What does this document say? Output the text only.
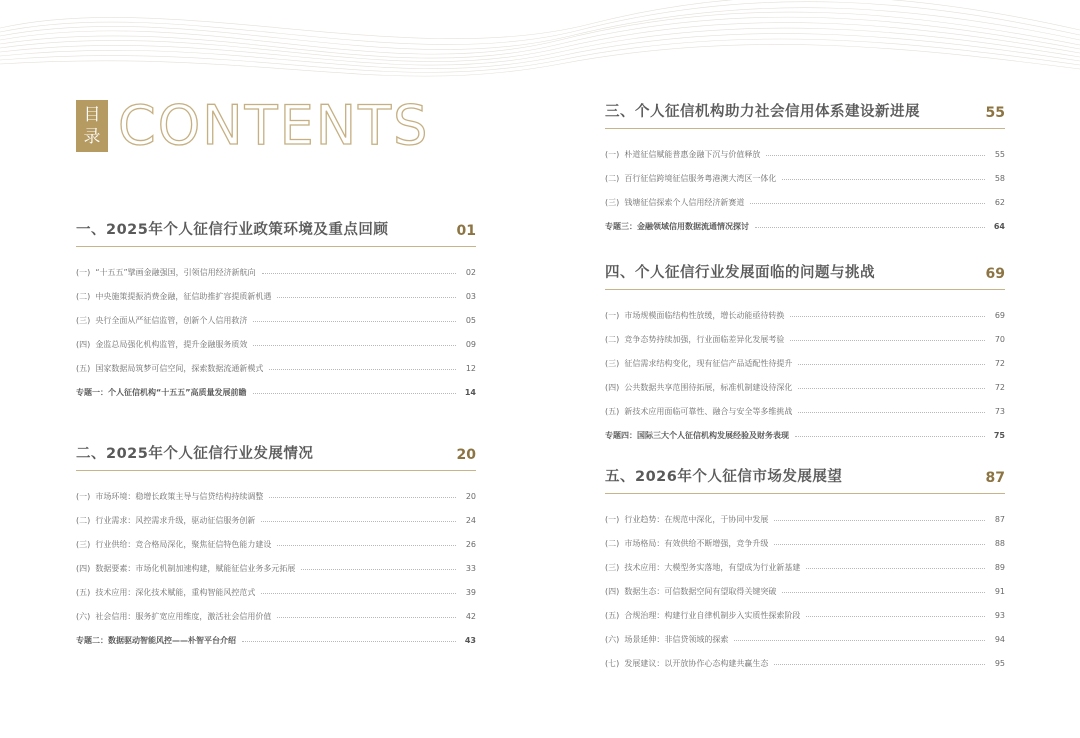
目
录 CONTENTS
一、2025年个人征信行业政策环境及重点回顾	01
(一)  “十五五”擘画金融强国，引领信用经济新航向	02
(二)  中央施策提振消费金融，征信助推扩容提质新机遇	03
(三)  央行全面从严征信监管，创新个人信用救济	05
(四)  金监总局强化机构监管，提升金融服务质效	09
(五)  国家数据局筑梦可信空间，探索数据流通新模式	12
专题一：个人征信机构“十五五”高质量发展前瞻	14
二、2025年个人征信行业发展情况	20
(一)  市场环境：稳增长政策主导与信贷结构持续调整	20
(二)  行业需求：风控需求升级，驱动征信服务创新	24
(三)  行业供给：竞合格局深化，聚焦征信特色能力建设	26
(四)  数据要素：市场化机制加速构建，赋能征信业务多元拓展	33
(五)  技术应用：深化技术赋能，重构智能风控范式	39
(六)  社会信用：服务扩宽应用维度，激活社会信用价值	42
专题二：数据驱动智能风控——朴智平台介绍	43
三、个人征信机构助力社会信用体系建设新进展	55
(一)  朴道征信赋能普惠金融下沉与价值释放	55
(二)  百行征信跨境征信服务粤港澳大湾区一体化	58
(三)  钱塘征信探索个人信用经济新赛道	62
专题三：金融领域信用数据流通情况探讨	64
四、个人征信行业发展面临的问题与挑战	69
(一)  市场规模面临结构性放缓，增长动能亟待转换	69
(二)  竞争态势持续加强，行业面临差异化发展考验	70
(三)  征信需求结构变化，现有征信产品适配性待提升	72
(四)  公共数据共享范围待拓展，标准机制建设待深化	72
(五)  新技术应用面临可靠性、融合与安全等多维挑战	73
专题四：国际三大个人征信机构发展经验及财务表现	75
五、2026年个人征信市场发展展望	87
(一)  行业趋势：在规范中深化，于协同中发展	87
(二)  市场格局：有效供给不断增强，竞争升级	88
(三)  技术应用：大模型务实落地，有望成为行业新基建	89
(四)  数据生态：可信数据空间有望取得关键突破	91
(五)  合规治理：构建行业自律机制步入实质性探索阶段	93
(六)  场景延伸：非信贷领域的探索	94
(七)  发展建议：以开放协作心态构建共赢生态	95
